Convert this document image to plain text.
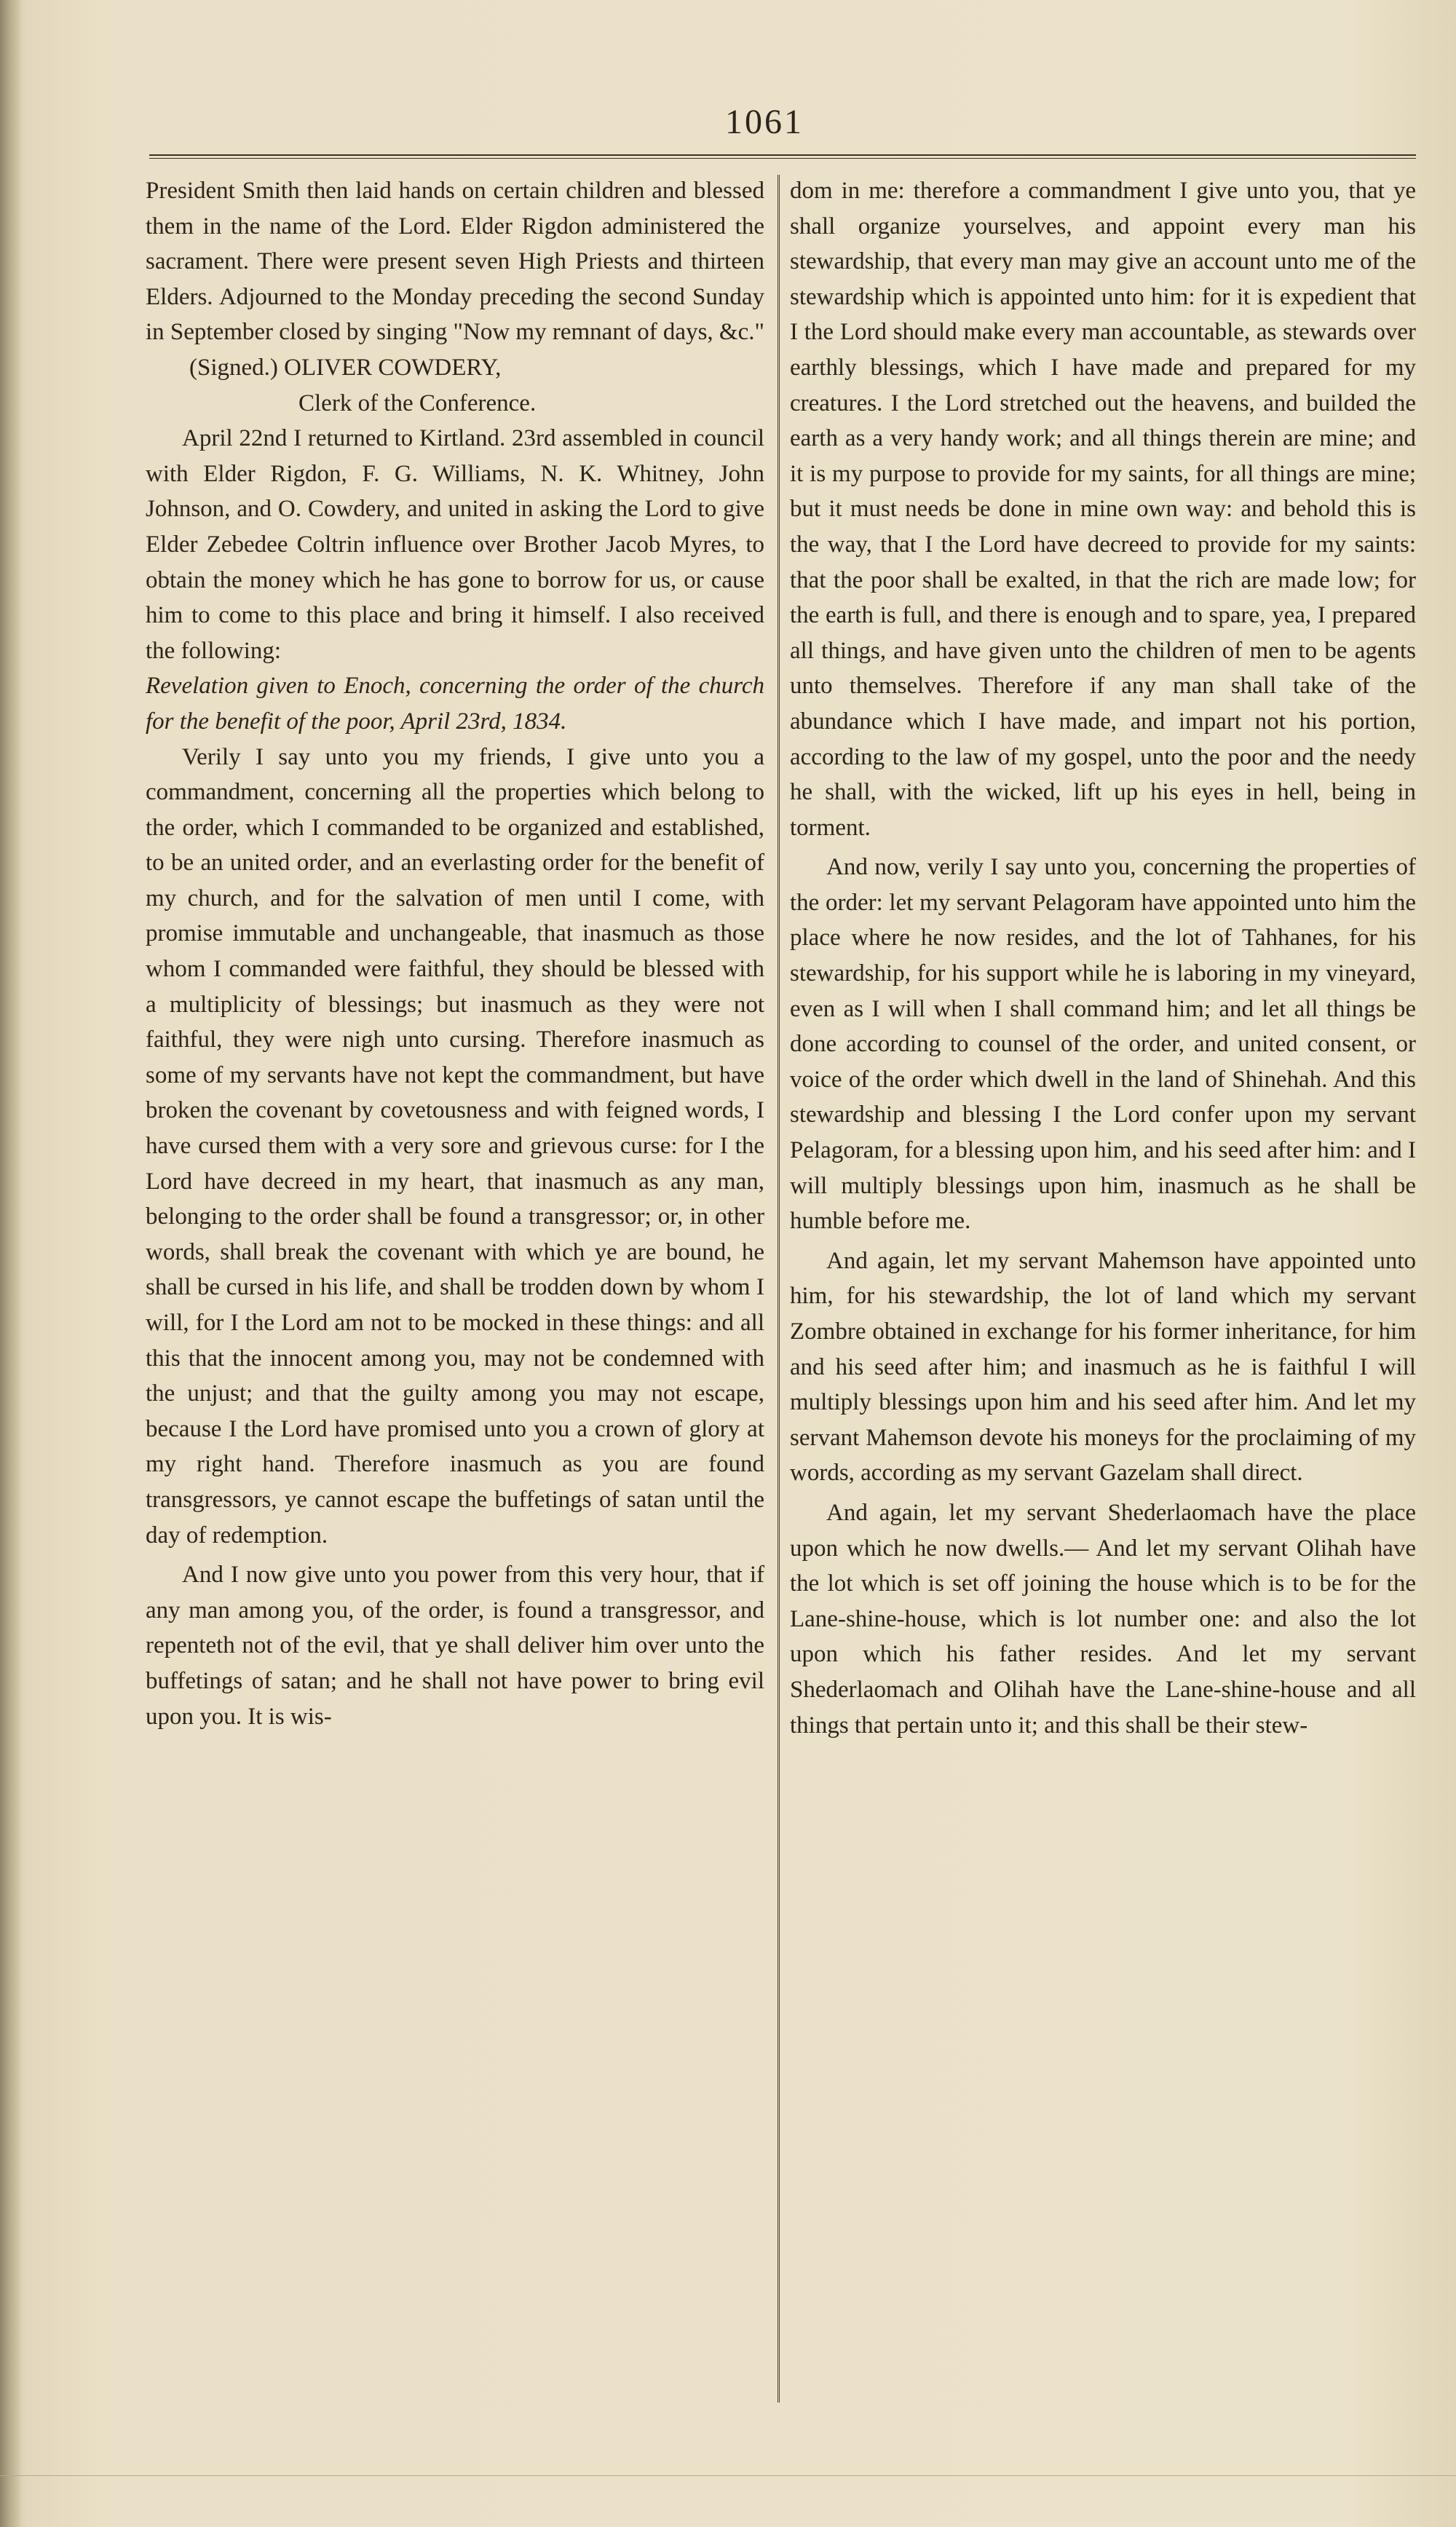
1061

President Smith then laid hands on certain children and blessed them in the name of the Lord. Elder Rigdon administered the sacrament. There were present seven High Priests and thirteen Elders. Adjourned to the Monday preceding the second Sunday in September closed by singing "Now my remnant of days, &c."

(Signed.) OLIVER COWDERY,

Clerk of the Conference.

April 22nd I returned to Kirtland. 23rd assembled in council with Elder Rigdon, F. G. Williams, N. K. Whitney, John Johnson, and O. Cowdery, and united in asking the Lord to give Elder Zebedee Coltrin influence over Brother Jacob Myres, to obtain the money which he has gone to borrow for us, or cause him to come to this place and bring it himself. I also received the following:

Revelation given to Enoch, concerning the order of the church for the benefit of the poor, April 23rd, 1834.

Verily I say unto you my friends, I give unto you a commandment, concerning all the properties which belong to the order, which I commanded to be organized and established, to be an united order, and an everlasting order for the benefit of my church, and for the salvation of men until I come, with promise immutable and unchangeable, that inasmuch as those whom I commanded were faithful, they should be blessed with a multiplicity of blessings; but inasmuch as they were not faithful, they were nigh unto cursing. Therefore inasmuch as some of my servants have not kept the commandment, but have broken the covenant by covetousness and with feigned words, I have cursed them with a very sore and grievous curse: for I the Lord have decreed in my heart, that inasmuch as any man, belonging to the order shall be found a transgressor; or, in other words, shall break the covenant with which ye are bound, he shall be cursed in his life, and shall be trodden down by whom I will, for I the Lord am not to be mocked in these things: and all this that the innocent among you, may not be condemned with the unjust; and that the guilty among you may not escape, because I the Lord have promised unto you a crown of glory at my right hand. Therefore inasmuch as you are found transgressors, ye cannot escape the buffetings of satan until the day of redemption.

And I now give unto you power from this very hour, that if any man among you, of the order, is found a transgressor, and repenteth not of the evil, that ye shall deliver him over unto the buffetings of satan; and he shall not have power to bring evil upon you. It is wis-

dom in me: therefore a commandment I give unto you, that ye shall organize yourselves, and appoint every man his stewardship, that every man may give an account unto me of the stewardship which is appointed unto him: for it is expedient that I the Lord should make every man accountable, as stewards over earthly blessings, which I have made and prepared for my creatures. I the Lord stretched out the heavens, and builded the earth as a very handy work; and all things therein are mine; and it is my purpose to provide for my saints, for all things are mine; but it must needs be done in mine own way: and behold this is the way, that I the Lord have decreed to provide for my saints: that the poor shall be exalted, in that the rich are made low; for the earth is full, and there is enough and to spare, yea, I prepared all things, and have given unto the children of men to be agents unto themselves. Therefore if any man shall take of the abundance which I have made, and impart not his portion, according to the law of my gospel, unto the poor and the needy he shall, with the wicked, lift up his eyes in hell, being in torment.

And now, verily I say unto you, concerning the properties of the order: let my servant Pelagoram have appointed unto him the place where he now resides, and the lot of Tahhanes, for his stewardship, for his support while he is laboring in my vineyard, even as I will when I shall command him; and let all things be done according to counsel of the order, and united consent, or voice of the order which dwell in the land of Shinehah. And this stewardship and blessing I the Lord confer upon my servant Pelagoram, for a blessing upon him, and his seed after him: and I will multiply blessings upon him, inasmuch as he shall be humble before me.

And again, let my servant Mahemson have appointed unto him, for his stewardship, the lot of land which my servant Zombre obtained in exchange for his former inheritance, for him and his seed after him; and inasmuch as he is faithful I will multiply blessings upon him and his seed after him. And let my servant Mahemson devote his moneys for the proclaiming of my words, according as my servant Gazelam shall direct.

And again, let my servant Shederlaomach have the place upon which he now dwells.— And let my servant Olihah have the lot which is set off joining the house which is to be for the Lane-shine-house, which is lot number one: and also the lot upon which his father resides. And let my servant Shederlaomach and Olihah have the Lane-shine-house and all things that pertain unto it; and this shall be their stew-
